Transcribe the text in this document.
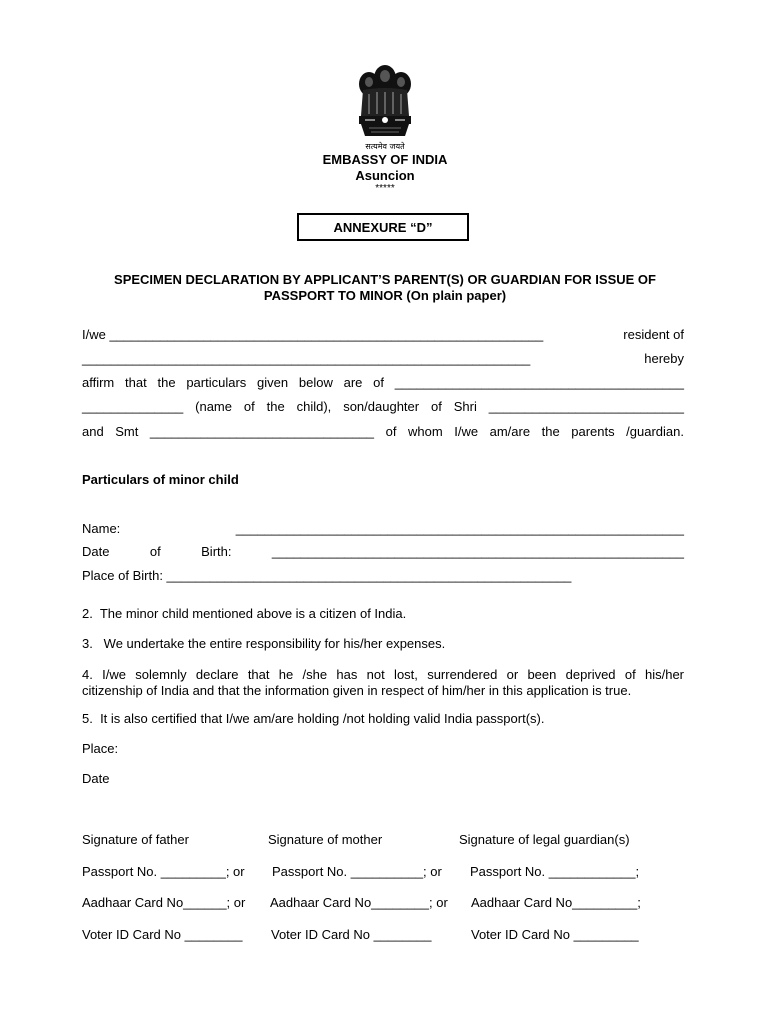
सत्यमेव जयते
EMBASSY OF INDIA
Asuncion
*****
ANNEXURE “D”
SPECIMEN DECLARATION BY APPLICANT’S PARENT(S) OR GUARDIAN FOR ISSUE OF
PASSPORT TO MINOR (On plain paper)
I/we ____________________________________________________________	resident of
______________________________________________________________	hereby
affirm that the particulars given below are of ________________________________________
______________ (name of the child), son/daughter of Shri ___________________________
and Smt _______________________________ of whom I/we am/are the parents /guardian.
Particulars of minor child
Name: ______________________________________________________________
Date of Birth: _________________________________________________________
Place of Birth: ________________________________________________________
2.  The minor child mentioned above is a citizen of India.
3.   We undertake the entire responsibility for his/her expenses.
4. I/we solemnly declare that he /she has not lost, surrendered or been deprived of his/her
citizenship of India and that the information given in respect of him/her in this application is true.
5.  It is also certified that I/we am/are holding /not holding valid India passport(s).
Place:
Date
Signature of father	Signature of mother	Signature of legal guardian(s)
Passport No. _________; or Passport No. __________; or Passport No. ____________;
Aadhaar Card No______; or Aadhaar Card No________; or Aadhaar Card No_________;
Voter ID Card No ________ Voter ID Card No ________	Voter ID Card No _________
